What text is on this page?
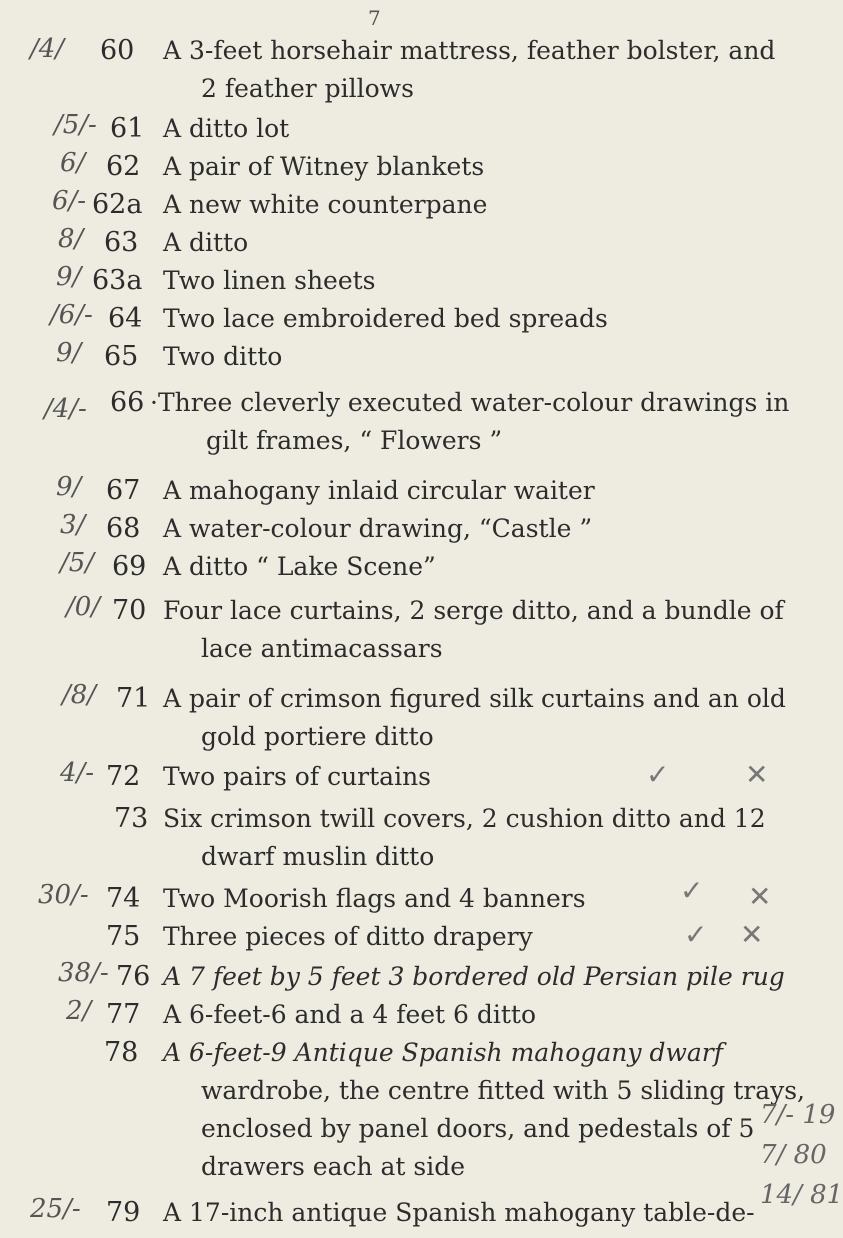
7
/4/ 60	A 3-feet horsehair mattress, feather bolster, and
2 feather pillows
/5/- 61 A ditto lot
6/ 62 A pair of Witney blankets
6/- 62a A new white counterpane
8/ 63 A ditto
9/ 63a Two linen sheets
/6/- 64 Two lace embroidered bed spreads
9/ 65 Two ditto
/4/- 66 ·Three cleverly executed water-colour drawings in
gilt frames, “ Flowers ”
9/ 67 A mahogany inlaid circular waiter
3/ 68 A water-colour drawing, “Castle ”
/5/ 69 A ditto “ Lake Scene”
/0/ 70 Four lace curtains, 2 serge ditto, and a bundle of
lace antimacassars
/8/ 71 A pair of crimson figured silk curtains and an old
gold portiere ditto
4/- 72 Two pairs of curtains	✓	✕
73 Six crimson twill covers, 2 cushion ditto and 12
dwarf muslin ditto
30/- 74 Two Moorish flags and 4 banners	✓ ✕
75 Three pieces of ditto drapery	✓ ✕
38/- 76 A 7 feet by 5 feet 3 bordered old Persian pile rug
2/ 77 A 6-feet-6 and a 4 feet 6 ditto
78 A 6-feet-9 Antique Spanish mahogany dwarf
wardrobe, the centre fitted with 5 sliding trays,
enclosed by panel doors, and pedestals of 5
drawers each at side
25/- 79 A 17-inch antique Spanish mahogany table-de-
7/- 19
7/ 80
14/ 81
